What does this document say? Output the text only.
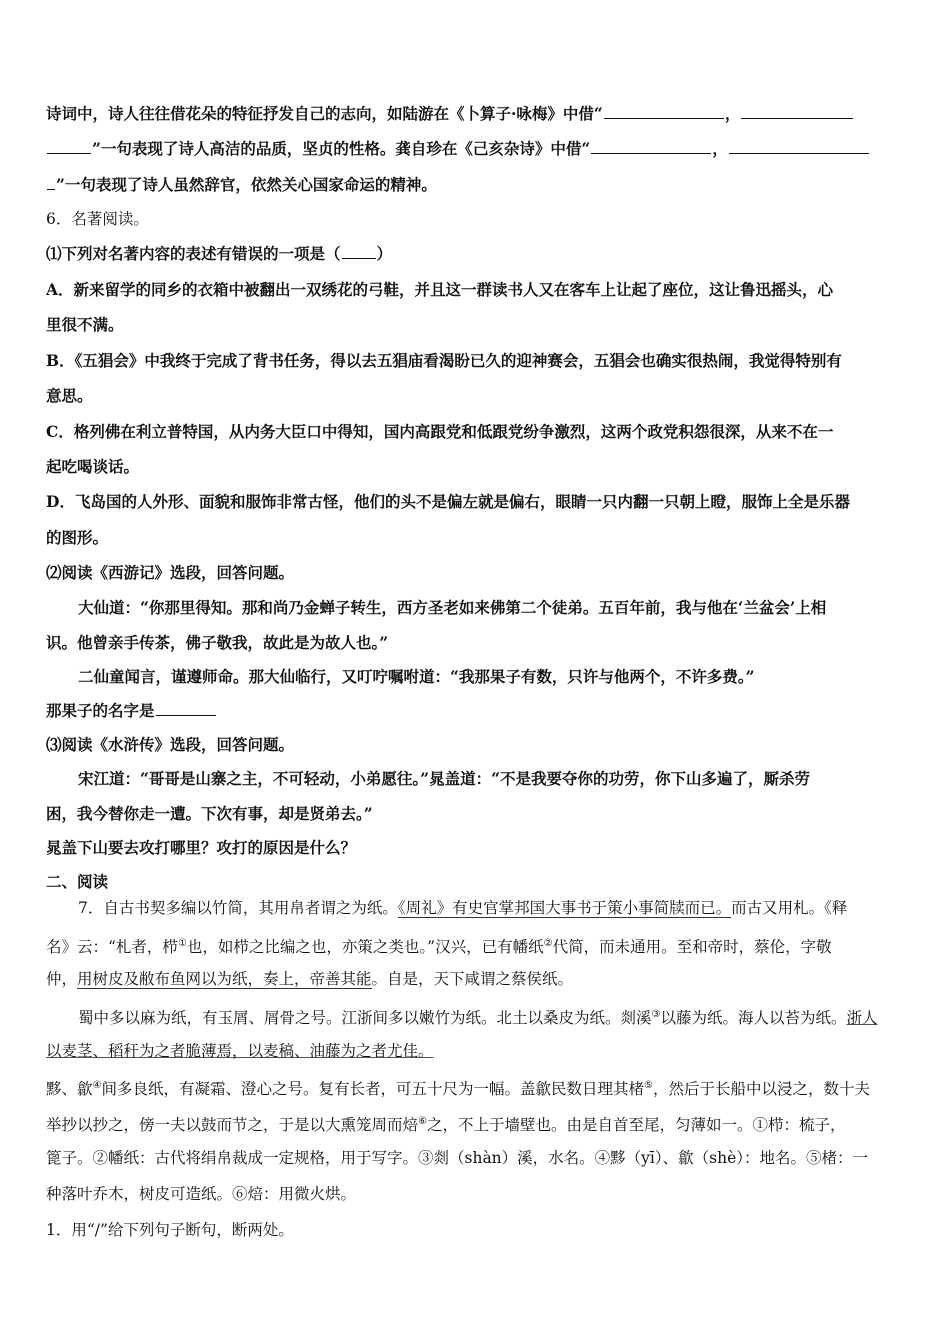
诗词中，诗人往往借花朵的特征抒发自己的志向，如陆游在《卜算子·咏梅》中借“	，
”一句表现了诗人高洁的品质，坚贞的性格。龚自珍在《己亥杂诗》中借“	，
”一句表现了诗人虽然辞官，依然关心国家命运的精神。
6．名著阅读。
⑴下列对名著内容的表述有错误的一项是（ ）
A．新来留学的同乡的衣箱中被翻出一双绣花的弓鞋，并且这一群读书人又在客车上让起了座位，这让鲁迅摇头，心
里很不满。
B．《五猖会》中我终于完成了背书任务，得以去五猖庙看渴盼已久的迎神赛会，五猖会也确实很热闹，我觉得特别有
意思。
C．格列佛在利立普特国，从内务大臣口中得知，国内高跟党和低跟党纷争激烈，这两个政党积怨很深，从来不在一
起吃喝谈话。
D．飞岛国的人外形、面貌和服饰非常古怪，他们的头不是偏左就是偏右，眼睛一只内翻一只朝上瞪，服饰上全是乐器
的图形。
⑵阅读《西游记》选段，回答问题。
大仙道：“你那里得知。那和尚乃金蝉子转生，西方圣老如来佛第二个徒弟。五百年前，我与他在‘兰盆会’上相
识。他曾亲手传茶，佛子敬我，故此是为故人也。”
二仙童闻言，谨遵师命。那大仙临行，又叮咛嘱咐道：“我那果子有数，只许与他两个，不许多费。”
那果子的名字是
⑶阅读《水浒传》选段，回答问题。
宋江道：“哥哥是山寨之主，不可轻动，小弟愿往。”晁盖道：“不是我要夺你的功劳，你下山多遍了，厮杀劳
困，我今替你走一遭。下次有事，却是贤弟去。”
晁盖下山要去攻打哪里？攻打的原因是什么？
二、阅读
7．自古书契多编以竹简，其用帛者谓之为纸。《周礼》有史官掌邦国大事书于策小事简牍而已。而古又用札。《释
名》云：“札者，栉①也，如栉之比编之也，亦策之类也。”汉兴，已有幡纸②代简，而未通用。至和帝时，蔡伦，字敬
仲，用树皮及敝布鱼网以为纸，奏上，帝善其能。自是，天下咸谓之蔡侯纸。
蜀中多以麻为纸，有玉屑、屑骨之号。江浙间多以嫩竹为纸。北土以桑皮为纸。剡溪③以藤为纸。海人以苔为纸。浙人
以麦茎、稻秆为之者脆薄焉，以麦稿、油藤为之者尤佳。
黟、歙④间多良纸，有凝霜、澄心之号。复有长者，可五十尺为一幅。盖歙民数日理其楮⑤，然后于长船中以浸之，数十夫
举抄以抄之，傍一夫以鼓而节之，于是以大熏笼周而焙⑥之，不上于墙壁也。由是自首至尾，匀薄如一。①栉：梳子，
篦子。②幡纸：古代将绢帛裁成一定规格，用于写字。③剡（shàn）溪，水名。④黟（yī）、歙（shè）：地名。⑤楮：一
种落叶乔木，树皮可造纸。⑥焙：用微火烘。
1．用“/”给下列句子断句，断两处。
